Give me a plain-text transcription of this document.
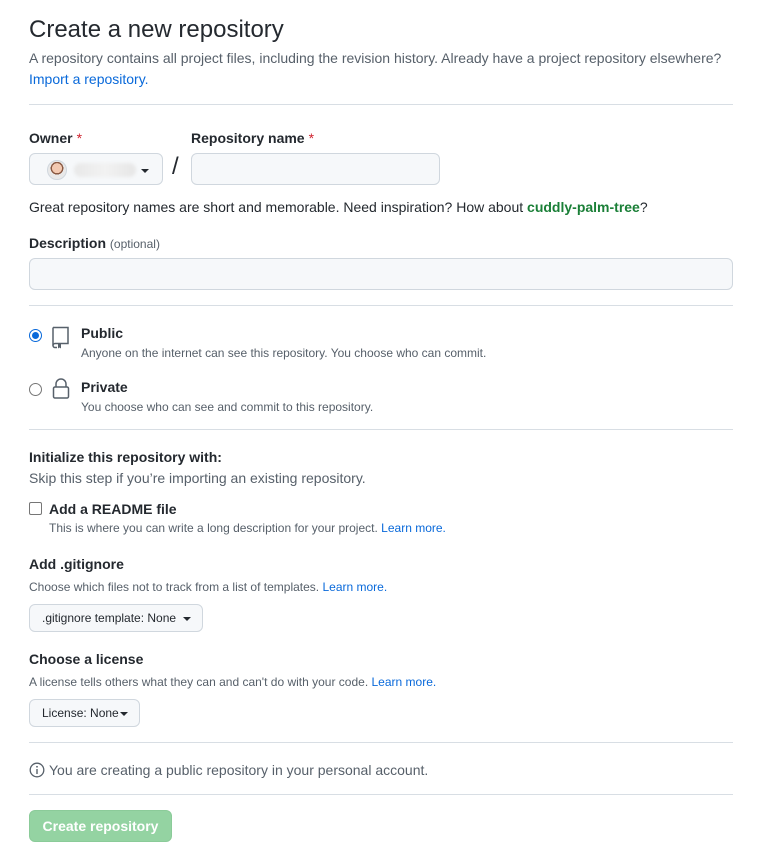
Create a new repository
A repository contains all project files, including the revision history. Already have a project repository elsewhere?
Import a repository.
Owner *
/
Repository name *
Great repository names are short and memorable. Need inspiration? How about cuddly-palm-tree?
Description (optional)
Public
Anyone on the internet can see this repository. You choose who can commit.
Private
You choose who can see and commit to this repository.
Initialize this repository with:
Skip this step if you’re importing an existing repository.
Add a README file
This is where you can write a long description for your project. Learn more.
Add .gitignore
Choose which files not to track from a list of templates. Learn more.
.gitignore template: None
Choose a license
A license tells others what they can and can't do with your code. Learn more.
License: None
You are creating a public repository in your personal account.
Create repository
